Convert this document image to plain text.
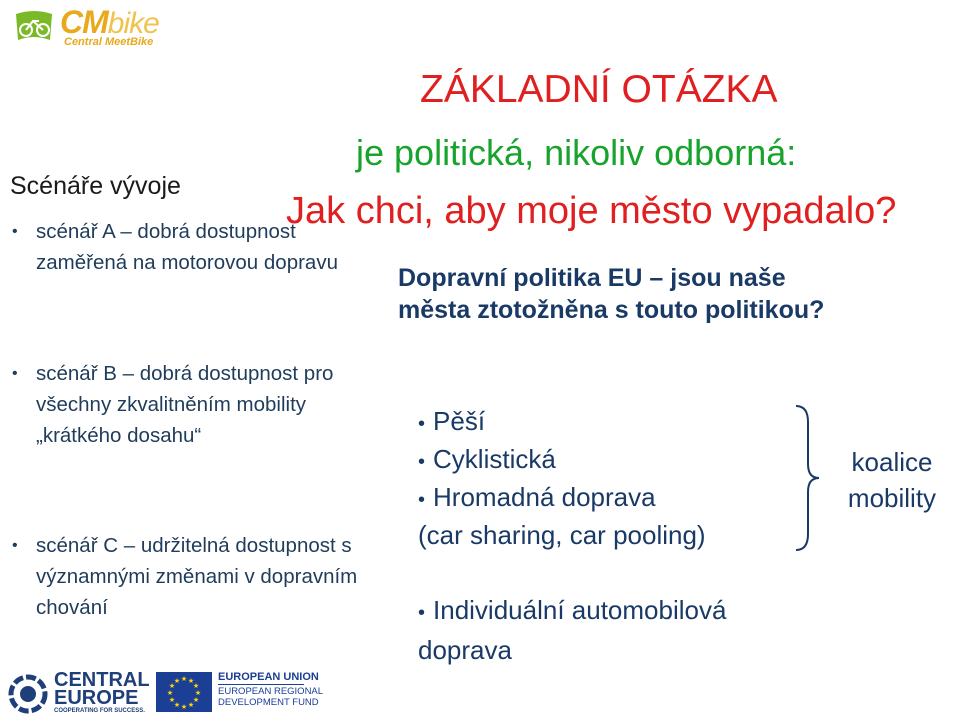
CMbike
Central MeetBike
Scénáře vývoje
• scénář A – dobrá dostupnost zaměřená na motorovou dopravu
• scénář B – dobrá dostupnost pro všechny zkvalitněním mobility „krátkého dosahu“
• scénář C – udržitelná dostupnost s významnými změnami v dopravním chování
ZÁKLADNÍ OTÁZKA
je politická, nikoliv odborná:
Jak chci, aby moje město vypadalo?
Dopravní politika EU – jsou naše města ztotožněna s touto politikou?
• Pěší
• Cyklistická
• Hromadná doprava
(car sharing, car pooling)
• Individuální automobilová
doprava
koalice mobility
CENTRAL
EUROPE
COOPERATING FOR SUCCESS.
★ ★
★
★
★
★
★
★
★
★
★
★	EUROPEAN UNION
EUROPEAN REGIONAL
DEVELOPMENT FUND
